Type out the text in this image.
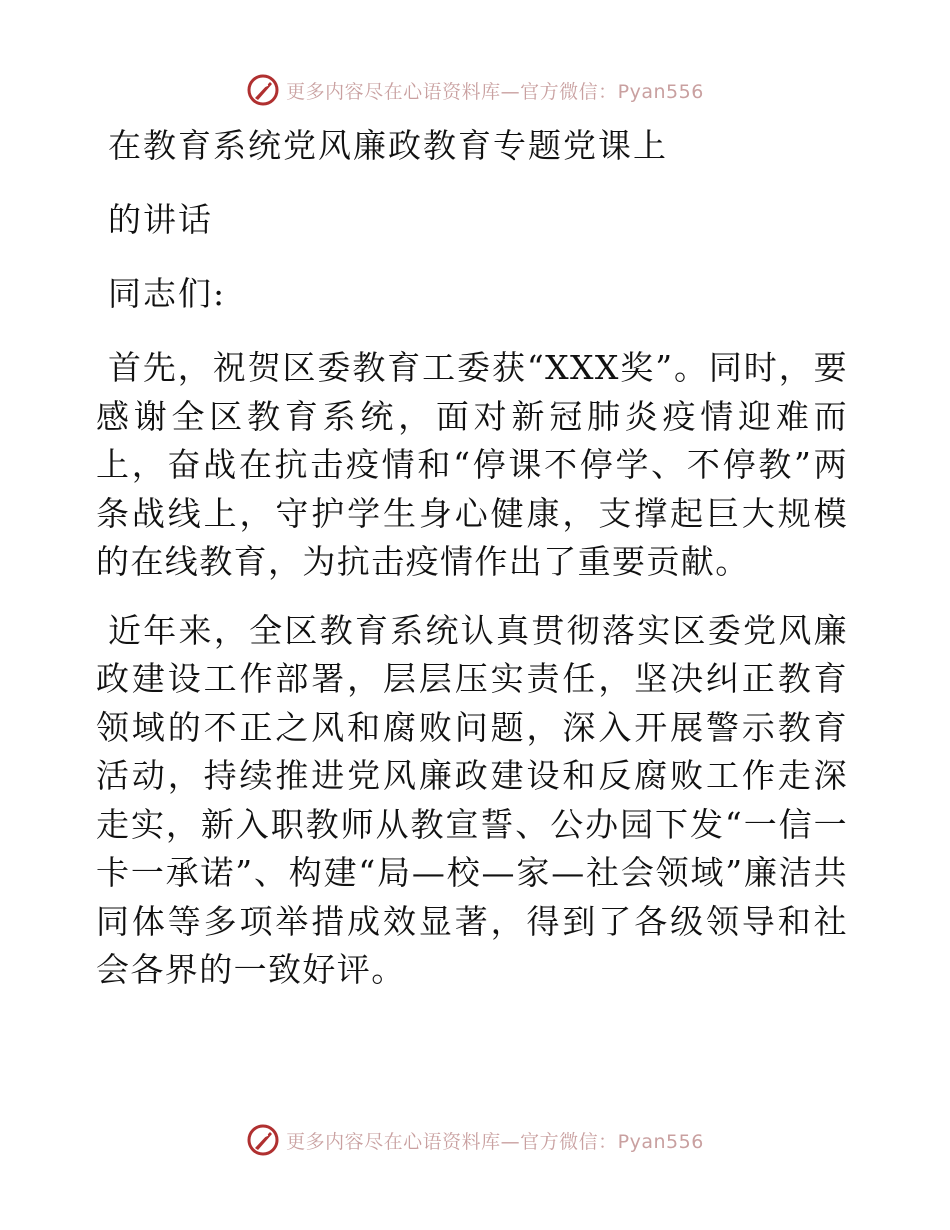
更多内容尽在心语资料库—官方微信：Pyan556
在教育系统党风廉政教育专题党课上
的讲话
同志们:

首先，祝贺区委教育工委获“XXX奖”。同时，要感谢全区教育系统，面对新冠肺炎疫情迎难而上，奋战在抗击疫情和“停课不停学、不停教”两条战线上，守护学生身心健康，支撑起巨大规模的在线教育，为抗击疫情作出了重要贡献。

近年来，全区教育系统认真贯彻落实区委党风廉政建设工作部署，层层压实责任，坚决纠正教育领域的不正之风和腐败问题，深入开展警示教育活动，持续推进党风廉政建设和反腐败工作走深走实，新入职教师从教宣誓、公办园下发“一信一卡一承诺”、构建“局—校—家—社会领域”廉洁共同体等多项举措成效显著，得到了各级领导和社会各界的一致好评。

更多内容尽在心语资料库—官方微信：Pyan556
